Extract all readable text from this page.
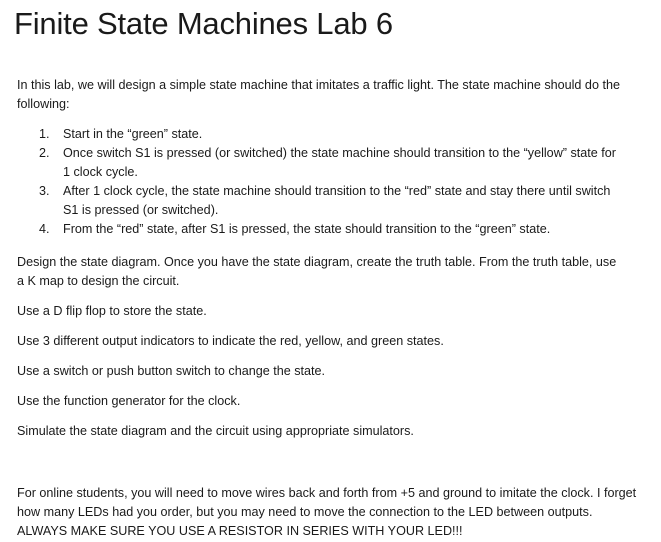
Finite State Machines Lab 6

In this lab, we will design a simple state machine that imitates a traffic light. The state machine should do the following:

1. Start in the “green” state.
2. Once switch S1 is pressed (or switched) the state machine should transition to the “yellow” state for 1 clock cycle.
3. After 1 clock cycle, the state machine should transition to the “red” state and stay there until switch S1 is pressed (or switched).
4. From the “red” state, after S1 is pressed, the state should transition to the “green” state.

Design the state diagram. Once you have the state diagram, create the truth table. From the truth table, use a K map to design the circuit.

Use a D flip flop to store the state.

Use 3 different output indicators to indicate the red, yellow, and green states.

Use a switch or push button switch to change the state.

Use the function generator for the clock.

Simulate the state diagram and the circuit using appropriate simulators.

For online students, you will need to move wires back and forth from +5 and ground to imitate the clock. I forget how many LEDs had you order, but you may need to move the connection to the LED between outputs. ALWAYS MAKE SURE YOU USE A RESISTOR IN SERIES WITH YOUR LED!!!
